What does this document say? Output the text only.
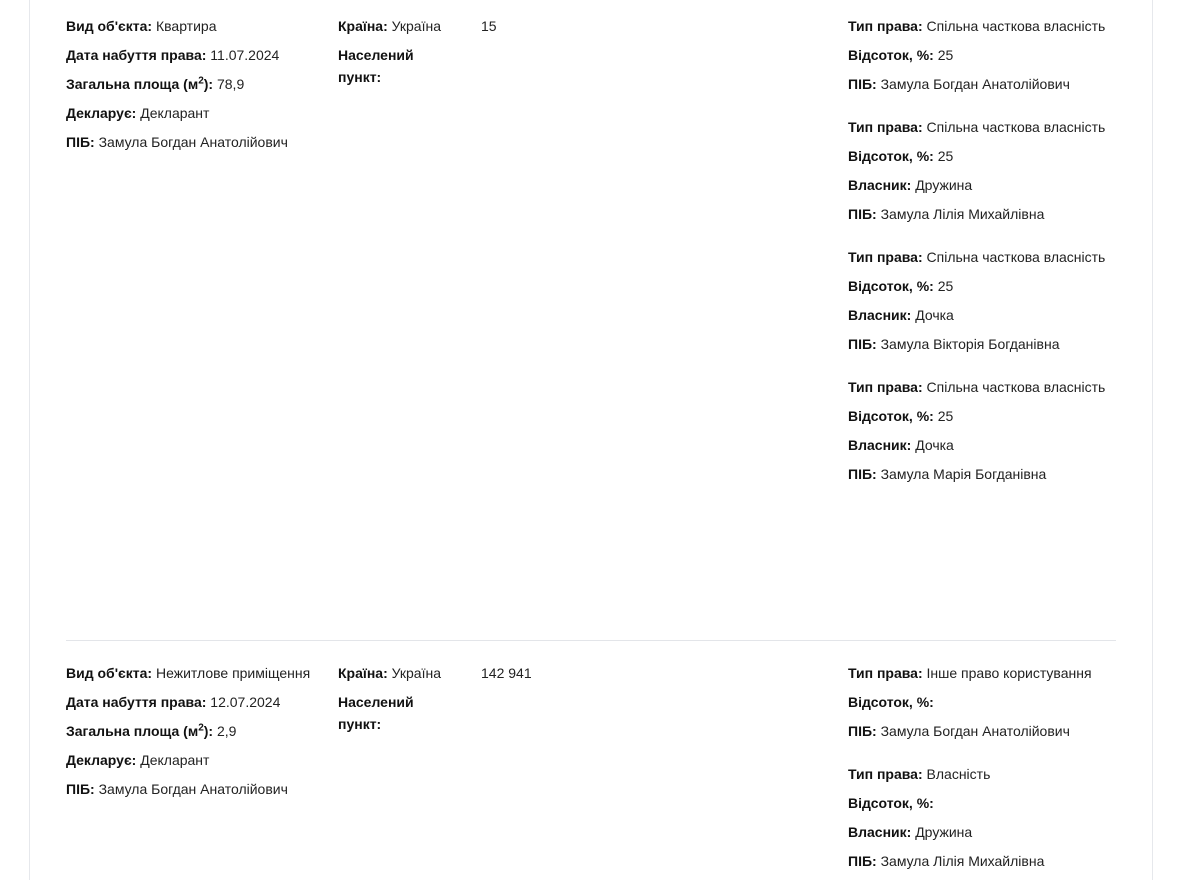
Вид об'єкта: Квартира
Дата набуття права: 11.07.2024
Загальна площа $(м^2)$: 78,9
Декларує: Декларант
ПІБ: Замула Богдан Анатолійович
Країна: Україна
Населений пункт:
15	Тип права: Спільна часткова власність
Відсоток, %: 25
ПІБ: Замула Богдан Анатолійович
Тип права: Спільна часткова власність
Відсоток, %: 25
Власник: Дружина
ПІБ: Замула Лілія Михайлівна
Тип права: Спільна часткова власність
Відсоток, %: 25
Власник: Дочка
ПІБ: Замула Вікторія Богданівна
Тип права: Спільна часткова власність
Відсоток, %: 25
Власник: Дочка
ПІБ: Замула Марія Богданівна
Вид об'єкта: Нежитлове приміщення
Дата набуття права: 12.07.2024
Загальна площа $(м^2)$: 2,9
Декларує: Декларант
ПІБ: Замула Богдан Анатолійович
Країна: Україна
Населений пункт:
142 941	Тип права: Інше право користування
Відсоток, %:
ПІБ: Замула Богдан Анатолійович
Тип права: Власність
Відсоток, %:
Власник: Дружина
ПІБ: Замула Лілія Михайлівна
